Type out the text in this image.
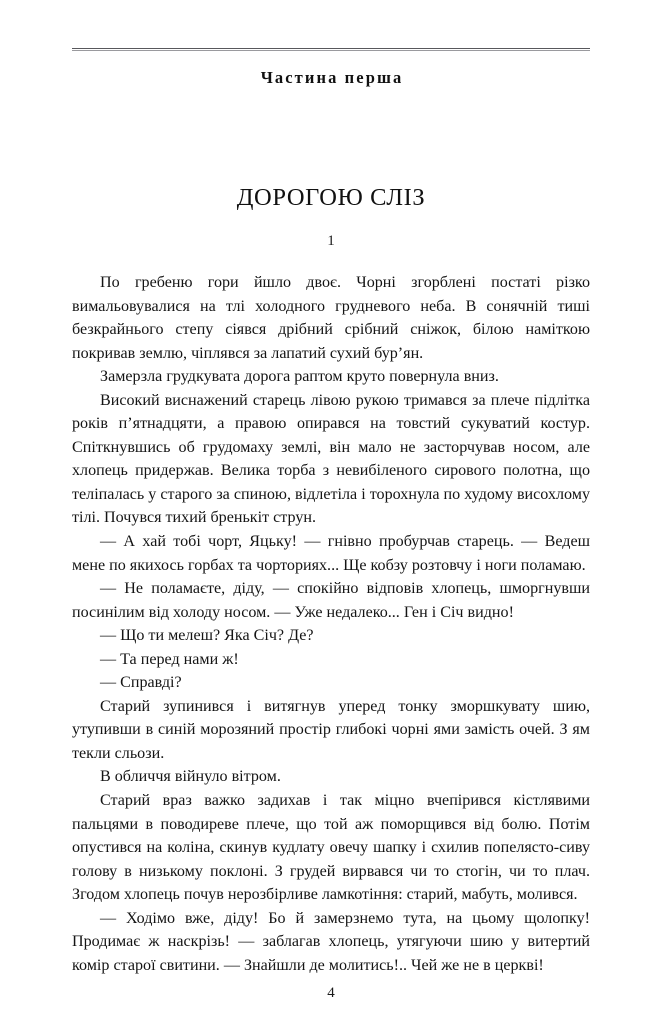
Частина перша
ДОРОГОЮ СЛІЗ
1

По гребеню гори йшло двоє. Чорні згорблені постаті різко вимальовувалися на тлі холодного грудневого неба. В сонячній тиші безкрайнього степу сіявся дрібний срібний сніжок, білою наміткою покривав землю, чіплявся за лапатий сухий бур’ян.

Замерзла грудкувата дорога раптом круто повернула вниз.

Високий виснажений старець лівою рукою тримався за плече підлітка років п’ятнадцяти, а правою опирався на товстий сукуватий костур. Спіткнувшись об грудомаху землі, він мало не засторчував носом, але хлопець придержав. Велика торба з невибіленого сирового полотна, що теліпалась у старого за спиною, відлетіла і торохнула по худому висохлому тілі. Почувся тихий бренькіт струн.

— А хай тобі чорт, Яцьку! — гнівно пробурчав старець. — Ведеш мене по якихось горбах та чорториях... Ще кобзу розтовчу і ноги поламаю.

— Не поламаєте, діду, — спокійно відповів хлопець, шморгнувши посинілим від холоду носом. — Уже недалеко... Ген і Січ видно!

— Що ти мелеш? Яка Січ? Де?

— Та перед нами ж!

— Справді?

Старий зупинився і витягнув уперед тонку зморшкувату шию, утупивши в синій морозяний простір глибокі чорні ями замість очей. З ям текли сльози.

В обличчя війнуло вітром.

Старий враз важко задихав і так міцно вчепірився кістлявими пальцями в поводиреве плече, що той аж поморщився від болю. Потім опустився на коліна, скинув кудлату овечу шапку і схилив попелясто-сиву голову в низькому поклоні. З грудей вирвався чи то стогін, чи то плач. Згодом хлопець почув нерозбірливе ламкотіння: старий, мабуть, молився.

— Ходімо вже, діду! Бо й замерзнемо тута, на цьому щолопку! Продимає ж наскрізь! — заблагав хлопець, утягуючи шию у витертий комір старої свитини. — Знайшли де молитись!.. Чей же не в церкві!

4
